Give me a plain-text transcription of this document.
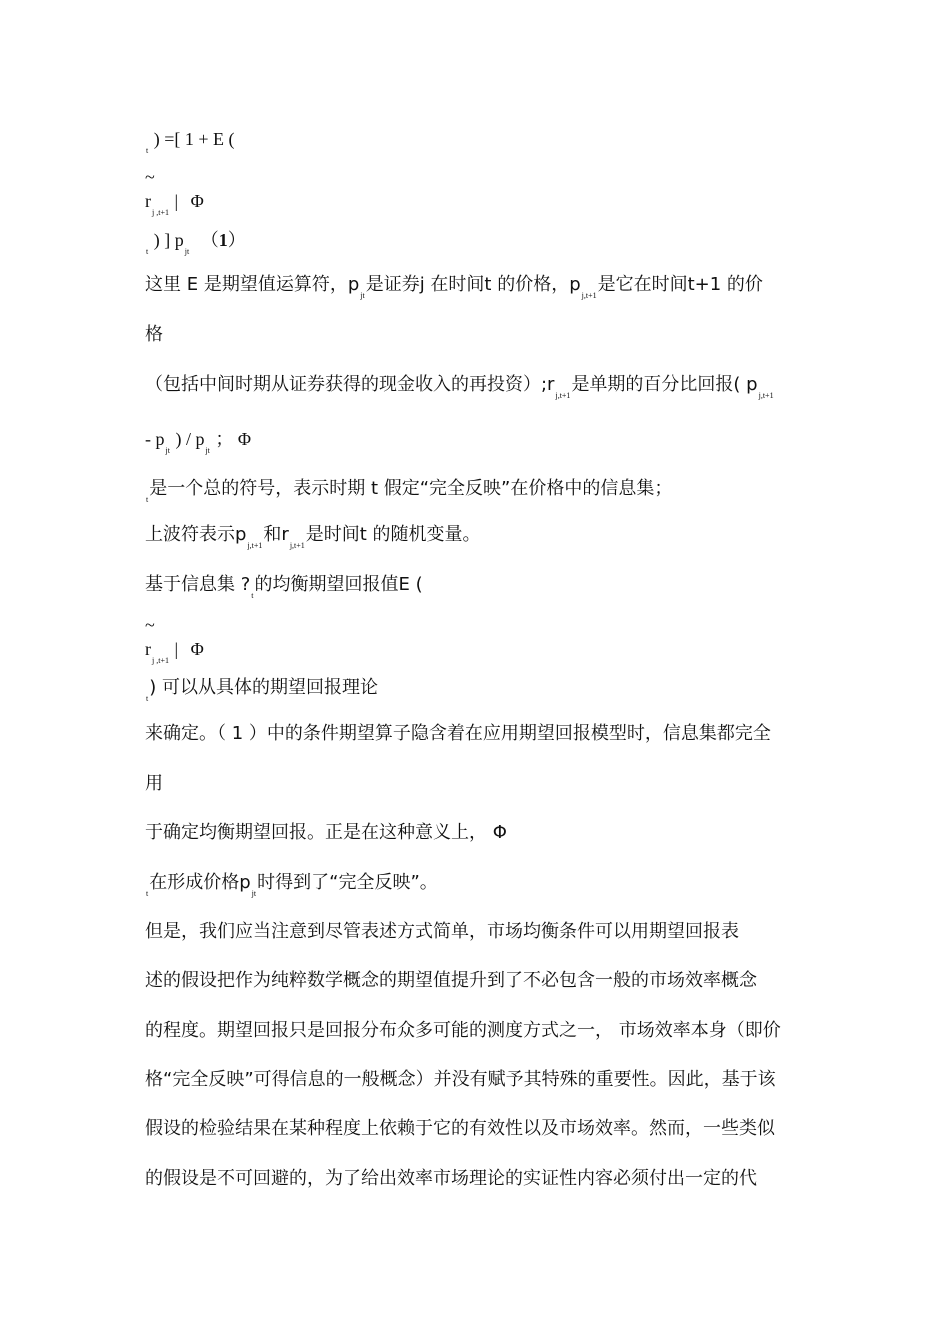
$_t$ ) =[ 1 + E (
~
$r_{j ,t+1}$ | Φ
$_t$ ) ] $p_{jt}$ （1）
这里 E 是期望值运算符，$p_{jt}$是证券j 在时间t 的价格，$p_{j,t+1}$是它在时间t+1 的价
格
（包括中间时期从证券获得的现金收入的再投资）$;r_{j,t+1}$是单期的百分比回报( $p_{j,t+1}$
- $p_{jt}$ ) / $p_{jt}$ ； Φ
$_t$是一个总的符号，表示时期 t 假定“完全反映”在价格中的信息集；
上波符表示$p_{j,t+1}$和$r_{j,t+1}$是时间t 的随机变量。
基于信息集 $?_t$的均衡期望回报值E (
~
$r_{j ,t+1}$ | Φ
$_t$) 可以从具体的期望回报理论
来确定。（ 1 ）中的条件期望算子隐含着在应用期望回报模型时，信息集都完全
用
于确定均衡期望回报。正是在这种意义上， Φ
$_t$在形成价格$p_{jt}$时得到了“完全反映”。
但是，我们应当注意到尽管表述方式简单，市场均衡条件可以用期望回报表
述的假设把作为纯粹数学概念的期望值提升到了不必包含一般的市场效率概念
的程度。期望回报只是回报分布众多可能的测度方式之一， 市场效率本身（即价
格“完全反映”可得信息的一般概念）并没有赋予其特殊的重要性。因此，基于该
假设的检验结果在某种程度上依赖于它的有效性以及市场效率。然而，一些类似
的假设是不可回避的，为了给出效率市场理论的实证性内容必须付出一定的代
